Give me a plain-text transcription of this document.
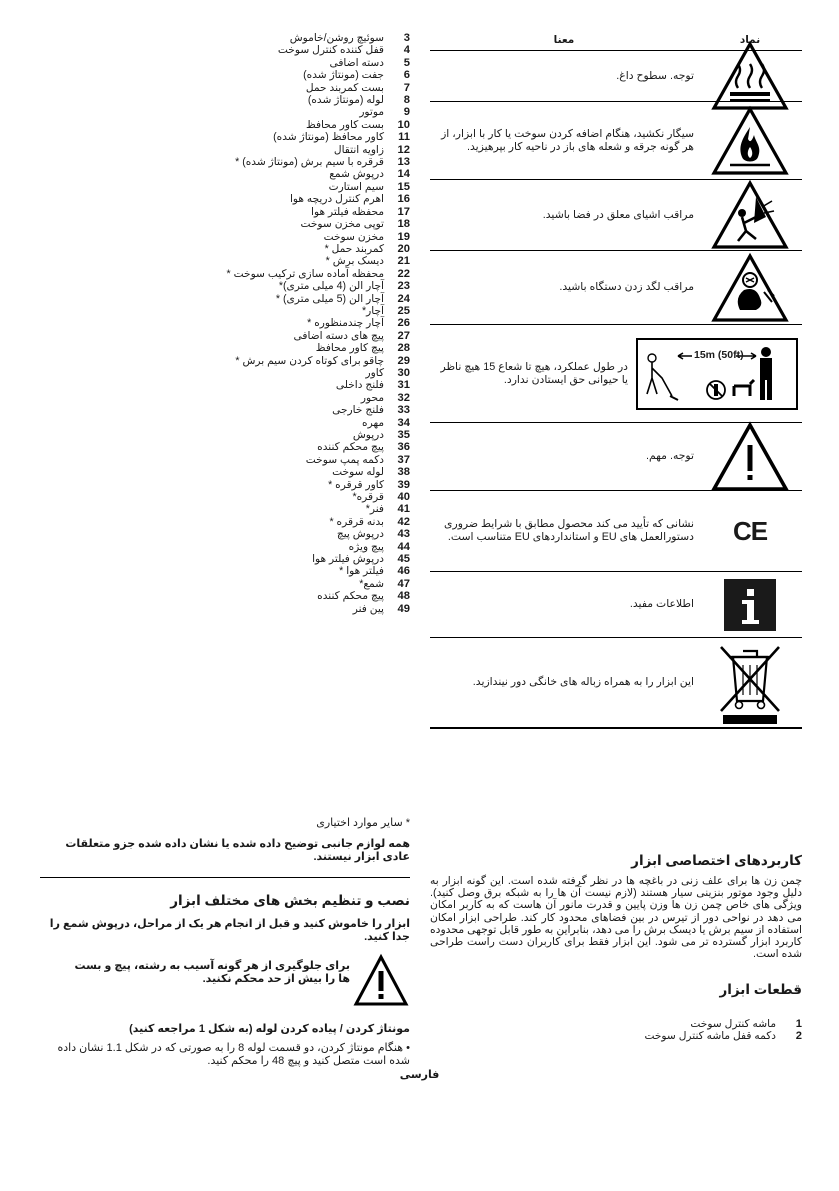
3
سوئیچ روشن/خاموش
4
قفل کننده کنترل سوخت
5
دسته اضافی
6
جفت (مونتاژ شده)
7
بست کمربند حمل
8
لوله (مونتاژ شده)
9
موتور
10
بست کاور محافظ
11
کاور محافظ (مونتاژ شده)
12
زاویه انتقال
13
قرقره با سیم برش (مونتاژ شده) *
14
درپوش شمع
15
سیم استارت
16
اهرم کنترل دریچه هوا
17
محفظه فیلتر هوا
18
توپی مخزن سوخت
19
مخزن سوخت
20
کمربند حمل *
21
دیسک برش *
22
محفظه آماده سازی ترکیب سوخت *
23
آچار الن (4 میلی متری)*
24
آچار الن (5 میلی متری) *
25
آچار*
26
آچار چندمنظوره *
27
پیچ های دسته اضافی
28
پیچ کاور محافظ
29
چاقو برای کوتاه کردن سیم برش *
30
کاور
31
فلنج داخلی
32
محور
33
فلنج خارجی
34
مهره
35
درپوش
36
پیچ محکم کننده
37
دکمه پمپ سوخت
38
لوله سوخت
39
کاور قرقره *
40
قرقره*
41
فنر*
42
بدنه قرقره *
43
درپوش پیچ
44
پیچ ویژه
45
درپوش فیلتر هوا
46
فیلتر هوا *
47
شمع*
48
پیچ محکم کننده
49
پین فنر
* سایر موارد اختیاری
همه لوازم جانبی توضیح داده شده یا نشان داده شده جزو متعلقات عادی ابزار نیستند.
نصب و تنظیم بخش های مختلف ابزار
ابزار را خاموش کنید و قبل از انجام هر یک از مراحل، درپوش شمع را جدا کنید.
برای جلوگیری از هر گونه آسیب به رشته، پیچ و بست ها را بیش از حد محکم نکنید.
مونتاژ کردن / پیاده کردن لوله (به شکل 1 مراجعه کنید)
• هنگام مونتاژ کردن، دو قسمت لوله 8 را به صورتی که در شکل 1.1 نشان داده شده است متصل کنید و پیچ 48 را محکم کنید.
نماد
معنا
توجه. سطوح داغ.
سیگار نکشید، هنگام اضافه کردن سوخت یا کار با ابزار، از هر گونه جرقه و شعله های باز در ناحیه کار بپرهیزید.
مراقب اشیای معلق در فضا باشید.
مراقب لگد زدن دستگاه باشید.
15m (50ft)
در طول عملکرد، هیچ تا شعاع 15 هیچ ناظر یا حیوانی حق ایستادن ندارد.
توجه. مهم.
CE
نشانی که تأیید می کند محصول مطابق با شرایط ضروری دستورالعمل های EU و استانداردهای EU متناسب است.
اطلاعات مفید.
این ابزار را به همراه زباله های خانگی دور نیندازید.
کاربردهای اختصاصی ابزار
چمن زن ها برای علف زنی در باغچه ها در نظر گرفته شده است. این گونه ابزار به دلیل وجود موتور بنزینی سیار هستند (لازم نیست آن ها را به شبکه برق وصل کنید). ویژگی های خاص چمن زن ها وزن پایین و قدرت مانور آن هاست که به کاربر امکان می دهد در نواحی دور از تیرس در بین فضاهای محدود کار کند. طراحی ابزار امکان استفاده از سیم برش یا دیسک برش را می دهد، بنابراین به طور قابل توجهی محدوده کاربرد ابزار گسترده تر می شود. این ابزار فقط برای کاربران دست راست طراحی شده است.
قطعات ابزار
1
ماشه کنترل سوخت
2
دکمه قفل ماشه کنترل سوخت
فارسی
